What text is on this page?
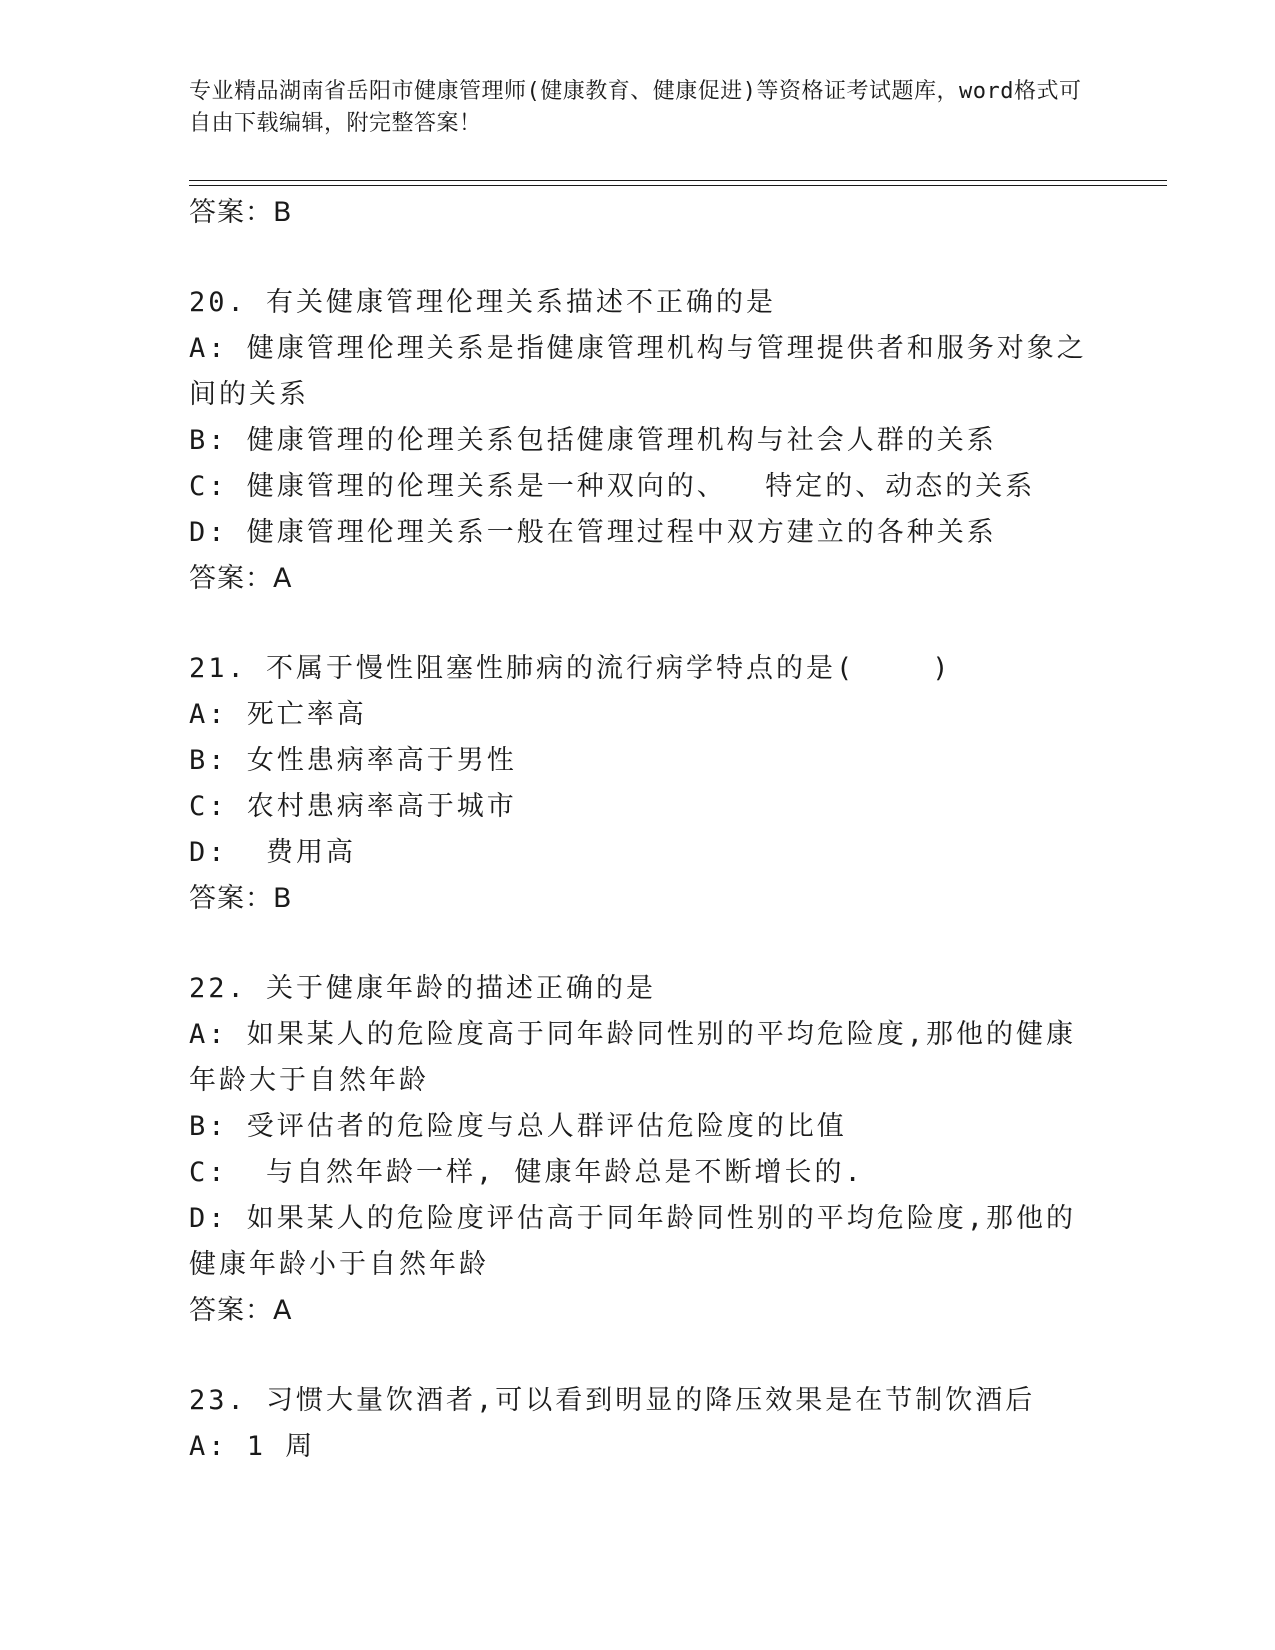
专业精品湖南省岳阳市健康管理师(健康教育、健康促进)等资格证考试题库，word格式可自由下载编辑，附完整答案！
答案：B
20. 有关健康管理伦理关系描述不正确的是
A: 健康管理伦理关系是指健康管理机构与管理提供者和服务对象之间的关系
B: 健康管理的伦理关系包括健康管理机构与社会人群的关系
C: 健康管理的伦理关系是一种双向的、  特定的、动态的关系
D: 健康管理伦理关系一般在管理过程中双方建立的各种关系
答案：A
21. 不属于慢性阻塞性肺病的流行病学特点的是(    )
A: 死亡率高
B: 女性患病率高于男性
C: 农村患病率高于城市
D:  费用高
答案：B
22. 关于健康年龄的描述正确的是
A: 如果某人的危险度高于同年龄同性别的平均危险度,那他的健康年龄大于自然年龄
B: 受评估者的危险度与总人群评估危险度的比值
C:  与自然年龄一样, 健康年龄总是不断增长的.
D: 如果某人的危险度评估高于同年龄同性别的平均危险度,那他的健康年龄小于自然年龄
答案：A
23. 习惯大量饮酒者,可以看到明显的降压效果是在节制饮酒后
A: 1 周
